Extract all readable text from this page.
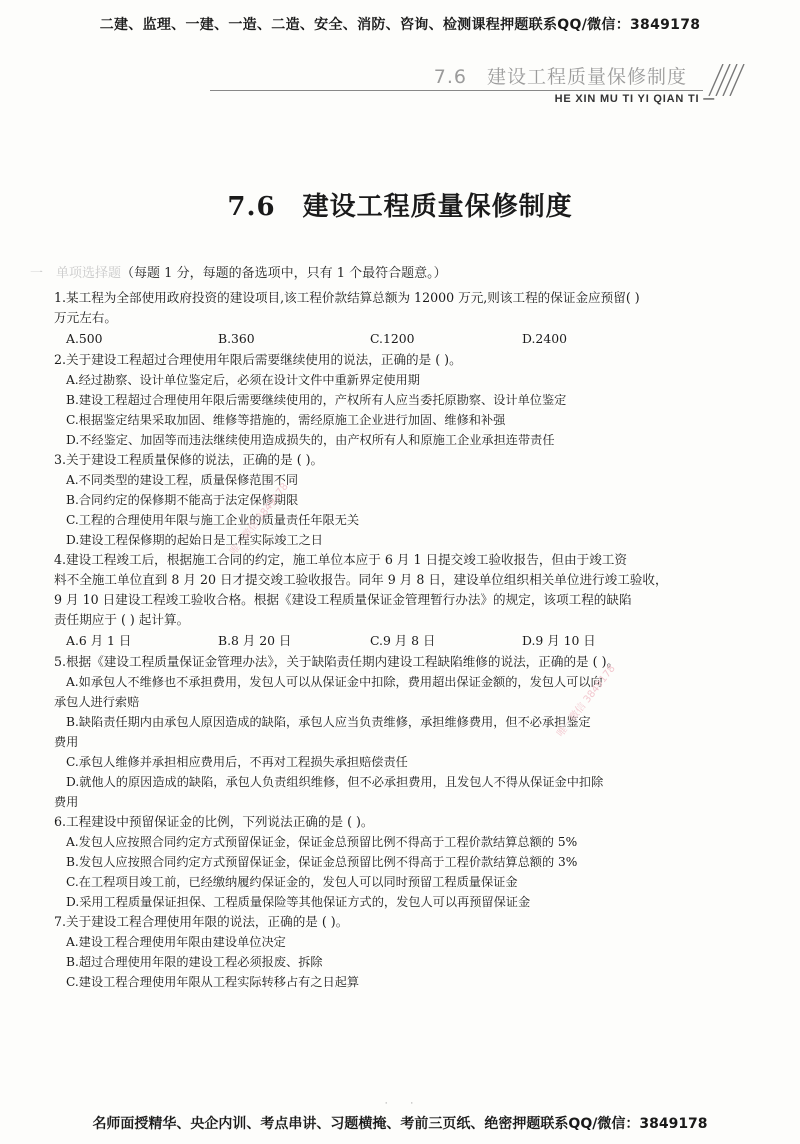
二建、监理、一建、一造、二造、安全、消防、咨询、检测课程押题联系QQ/微信：3849178
7.6　建设工程质量保修制度
HE XIN MU TI YI QIAN TI —
7.6　建设工程质量保修制度
一　单项选择题（每题 1 分，每题的备选项中，只有 1 个最符合题意。）
1.某工程为全部使用政府投资的建设项目,该工程价款结算总额为 12000 万元,则该工程的保证金应预留( )
万元左右。
A.500	B.360	C.1200	D.2400
2.关于建设工程超过合理使用年限后需要继续使用的说法，正确的是 ( )。
A.经过勘察、设计单位鉴定后，必须在设计文件中重新界定使用期
B.建设工程超过合理使用年限后需要继续使用的，产权所有人应当委托原勘察、设计单位鉴定
C.根据鉴定结果采取加固、维修等措施的，需经原施工企业进行加固、维修和补强
D.不经鉴定、加固等而违法继续使用造成损失的，由产权所有人和原施工企业承担连带责任
3.关于建设工程质量保修的说法，正确的是 ( )。
A.不同类型的建设工程，质量保修范围不同
B.合同约定的保修期不能高于法定保修期限
C.工程的合理使用年限与施工企业的质量责任年限无关
D.建设工程保修期的起始日是工程实际竣工之日
4.建设工程竣工后，根据施工合同的约定，施工单位本应于 6 月 1 日提交竣工验收报告，但由于竣工资
料不全施工单位直到 8 月 20 日才提交竣工验收报告。同年 9 月 8 日，建设单位组织相关单位进行竣工验收，
9 月 10 日建设工程竣工验收合格。根据《建设工程质量保证金管理暂行办法》的规定，该项工程的缺陷
责任期应于 ( ) 起计算。
A.6 月 1 日	B.8 月 20 日	C.9 月 8 日	D.9 月 10 日
5.根据《建设工程质量保证金管理办法》，关于缺陷责任期内建设工程缺陷维修的说法，正确的是 ( )。
A.如承包人不维修也不承担费用，发包人可以从保证金中扣除，费用超出保证金额的，发包人可以向
承包人进行索赔
B.缺陷责任期内由承包人原因造成的缺陷，承包人应当负责维修，承担维修费用，但不必承担鉴定
费用
C.承包人维修并承担相应费用后，不再对工程损失承担赔偿责任
D.就他人的原因造成的缺陷，承包人负责组织维修，但不必承担费用，且发包人不得从保证金中扣除
费用
6.工程建设中预留保证金的比例，下列说法正确的是 ( )。
A.发包人应按照合同约定方式预留保证金，保证金总预留比例不得高于工程价款结算总额的 5%
B.发包人应按照合同约定方式预留保证金，保证金总预留比例不得高于工程价款结算总额的 3%
C.在工程项目竣工前，已经缴纳履约保证金的，发包人可以同时预留工程质量保证金
D.采用工程质量保证担保、工程质量保险等其他保证方式的，发包人可以再预留保证金
7.关于建设工程合理使用年限的说法，正确的是 ( )。
A.建设工程合理使用年限由建设单位决定
B.超过合理使用年限的建设工程必须报废、拆除
C.建设工程合理使用年限从工程实际转移占有之日起算
唯一微信 3849178
唯一微信 3849178
· 　 ·
名师面授精华、央企内训、考点串讲、习题横掩、考前三页纸、绝密押题联系QQ/微信：3849178
